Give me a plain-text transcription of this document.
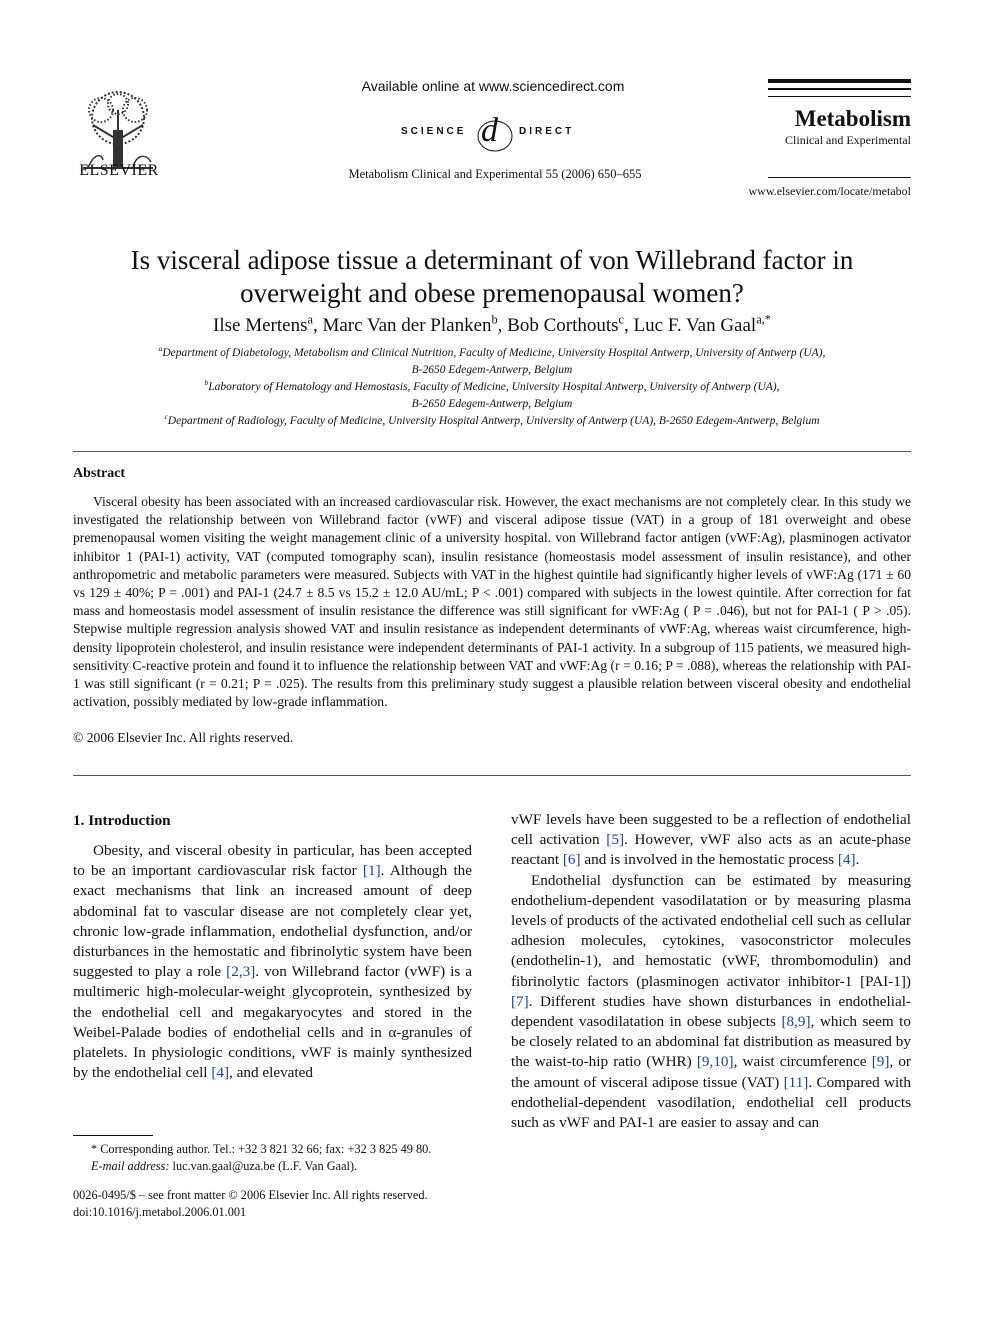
ELSEVIER
Available online at www.sciencedirect.com
SCIENCE d DIRECT
Metabolism Clinical and Experimental 55 (2006) 650–655
Metabolism
Clinical and Experimental
www.elsevier.com/locate/metabol
Is visceral adipose tissue a determinant of von Willebrand factor in
overweight and obese premenopausal women?
Ilse Mertens$^a$, Marc Van der Planken$^b$, Bob Corthouts$^c$, Luc F. Van Gaal$^{a,*}$
$^a$Department of Diabetology, Metabolism and Clinical Nutrition, Faculty of Medicine, University Hospital Antwerp, University of Antwerp (UA),
B-2650 Edegem-Antwerp, Belgium
$^b$Laboratory of Hematology and Hemostasis, Faculty of Medicine, University Hospital Antwerp, University of Antwerp (UA),
B-2650 Edegem-Antwerp, Belgium
$^c$Department of Radiology, Faculty of Medicine, University Hospital Antwerp, University of Antwerp (UA), B-2650 Edegem-Antwerp, Belgium
Abstract

Visceral obesity has been associated with an increased cardiovascular risk. However, the exact mechanisms are not completely clear. In this study we investigated the relationship between von Willebrand factor (vWF) and visceral adipose tissue (VAT) in a group of 181 overweight and obese premenopausal women visiting the weight management clinic of a university hospital. von Willebrand factor antigen (vWF:Ag), plasminogen activator inhibitor 1 (PAI-1) activity, VAT (computed tomography scan), insulin resistance (homeostasis model assessment of insulin resistance), and other anthropometric and metabolic parameters were measured. Subjects with VAT in the highest quintile had significantly higher levels of vWF:Ag (171 ± 60 vs 129 ± 40%; P = .001) and PAI-1 (24.7 ± 8.5 vs 15.2 ± 12.0 AU/mL; P < .001) compared with subjects in the lowest quintile. After correction for fat mass and homeostasis model assessment of insulin resistance the difference was still significant for vWF:Ag ( P = .046), but not for PAI-1 ( P > .05). Stepwise multiple regression analysis showed VAT and insulin resistance as independent determinants of vWF:Ag, whereas waist circumference, high-density lipoprotein cholesterol, and insulin resistance were independent determinants of PAI-1 activity. In a subgroup of 115 patients, we measured high-sensitivity C-reactive protein and found it to influence the relationship between VAT and vWF:Ag (r = 0.16; P = .088), whereas the relationship with PAI-1 was still significant (r = 0.21; P = .025). The results from this preliminary study suggest a plausible relation between visceral obesity and endothelial activation, possibly mediated by low-grade inflammation.

© 2006 Elsevier Inc. All rights reserved.
1. Introduction

Obesity, and visceral obesity in particular, has been accepted to be an important cardiovascular risk factor [1]. Although the exact mechanisms that link an increased amount of deep abdominal fat to vascular disease are not completely clear yet, chronic low-grade inflammation, endothelial dysfunction, and/or disturbances in the hemostatic and fibrinolytic system have been suggested to play a role [2,3]. von Willebrand factor (vWF) is a multimeric high-molecular-weight glycoprotein, synthesized by the endothelial cell and megakaryocytes and stored in the Weibel-Palade bodies of endothelial cells and in α-granules of platelets. In physiologic conditions, vWF is mainly synthesized by the endothelial cell [4], and elevated

vWF levels have been suggested to be a reflection of endothelial cell activation [5]. However, vWF also acts as an acute-phase reactant [6] and is involved in the hemostatic process [4].

Endothelial dysfunction can be estimated by measuring endothelium-dependent vasodilatation or by measuring plasma levels of products of the activated endothelial cell such as cellular adhesion molecules, cytokines, vasoconstrictor molecules (endothelin-1), and hemostatic (vWF, thrombomodulin) and fibrinolytic factors (plasminogen activator inhibitor-1 [PAI-1]) [7]. Different studies have shown disturbances in endothelial-dependent vasodilatation in obese subjects [8,9], which seem to be closely related to an abdominal fat distribution as measured by the waist-to-hip ratio (WHR) [9,10], waist circumference [9], or the amount of visceral adipose tissue (VAT) [11]. Compared with endothelial-dependent vasodilation, endothelial cell products such as vWF and PAI-1 are easier to assay and can

* Corresponding author. Tel.: +32 3 821 32 66; fax: +32 3 825 49 80.
E-mail address: luc.van.gaal@uza.be (L.F. Van Gaal).
0026-0495/$ – see front matter © 2006 Elsevier Inc. All rights reserved.
doi:10.1016/j.metabol.2006.01.001
